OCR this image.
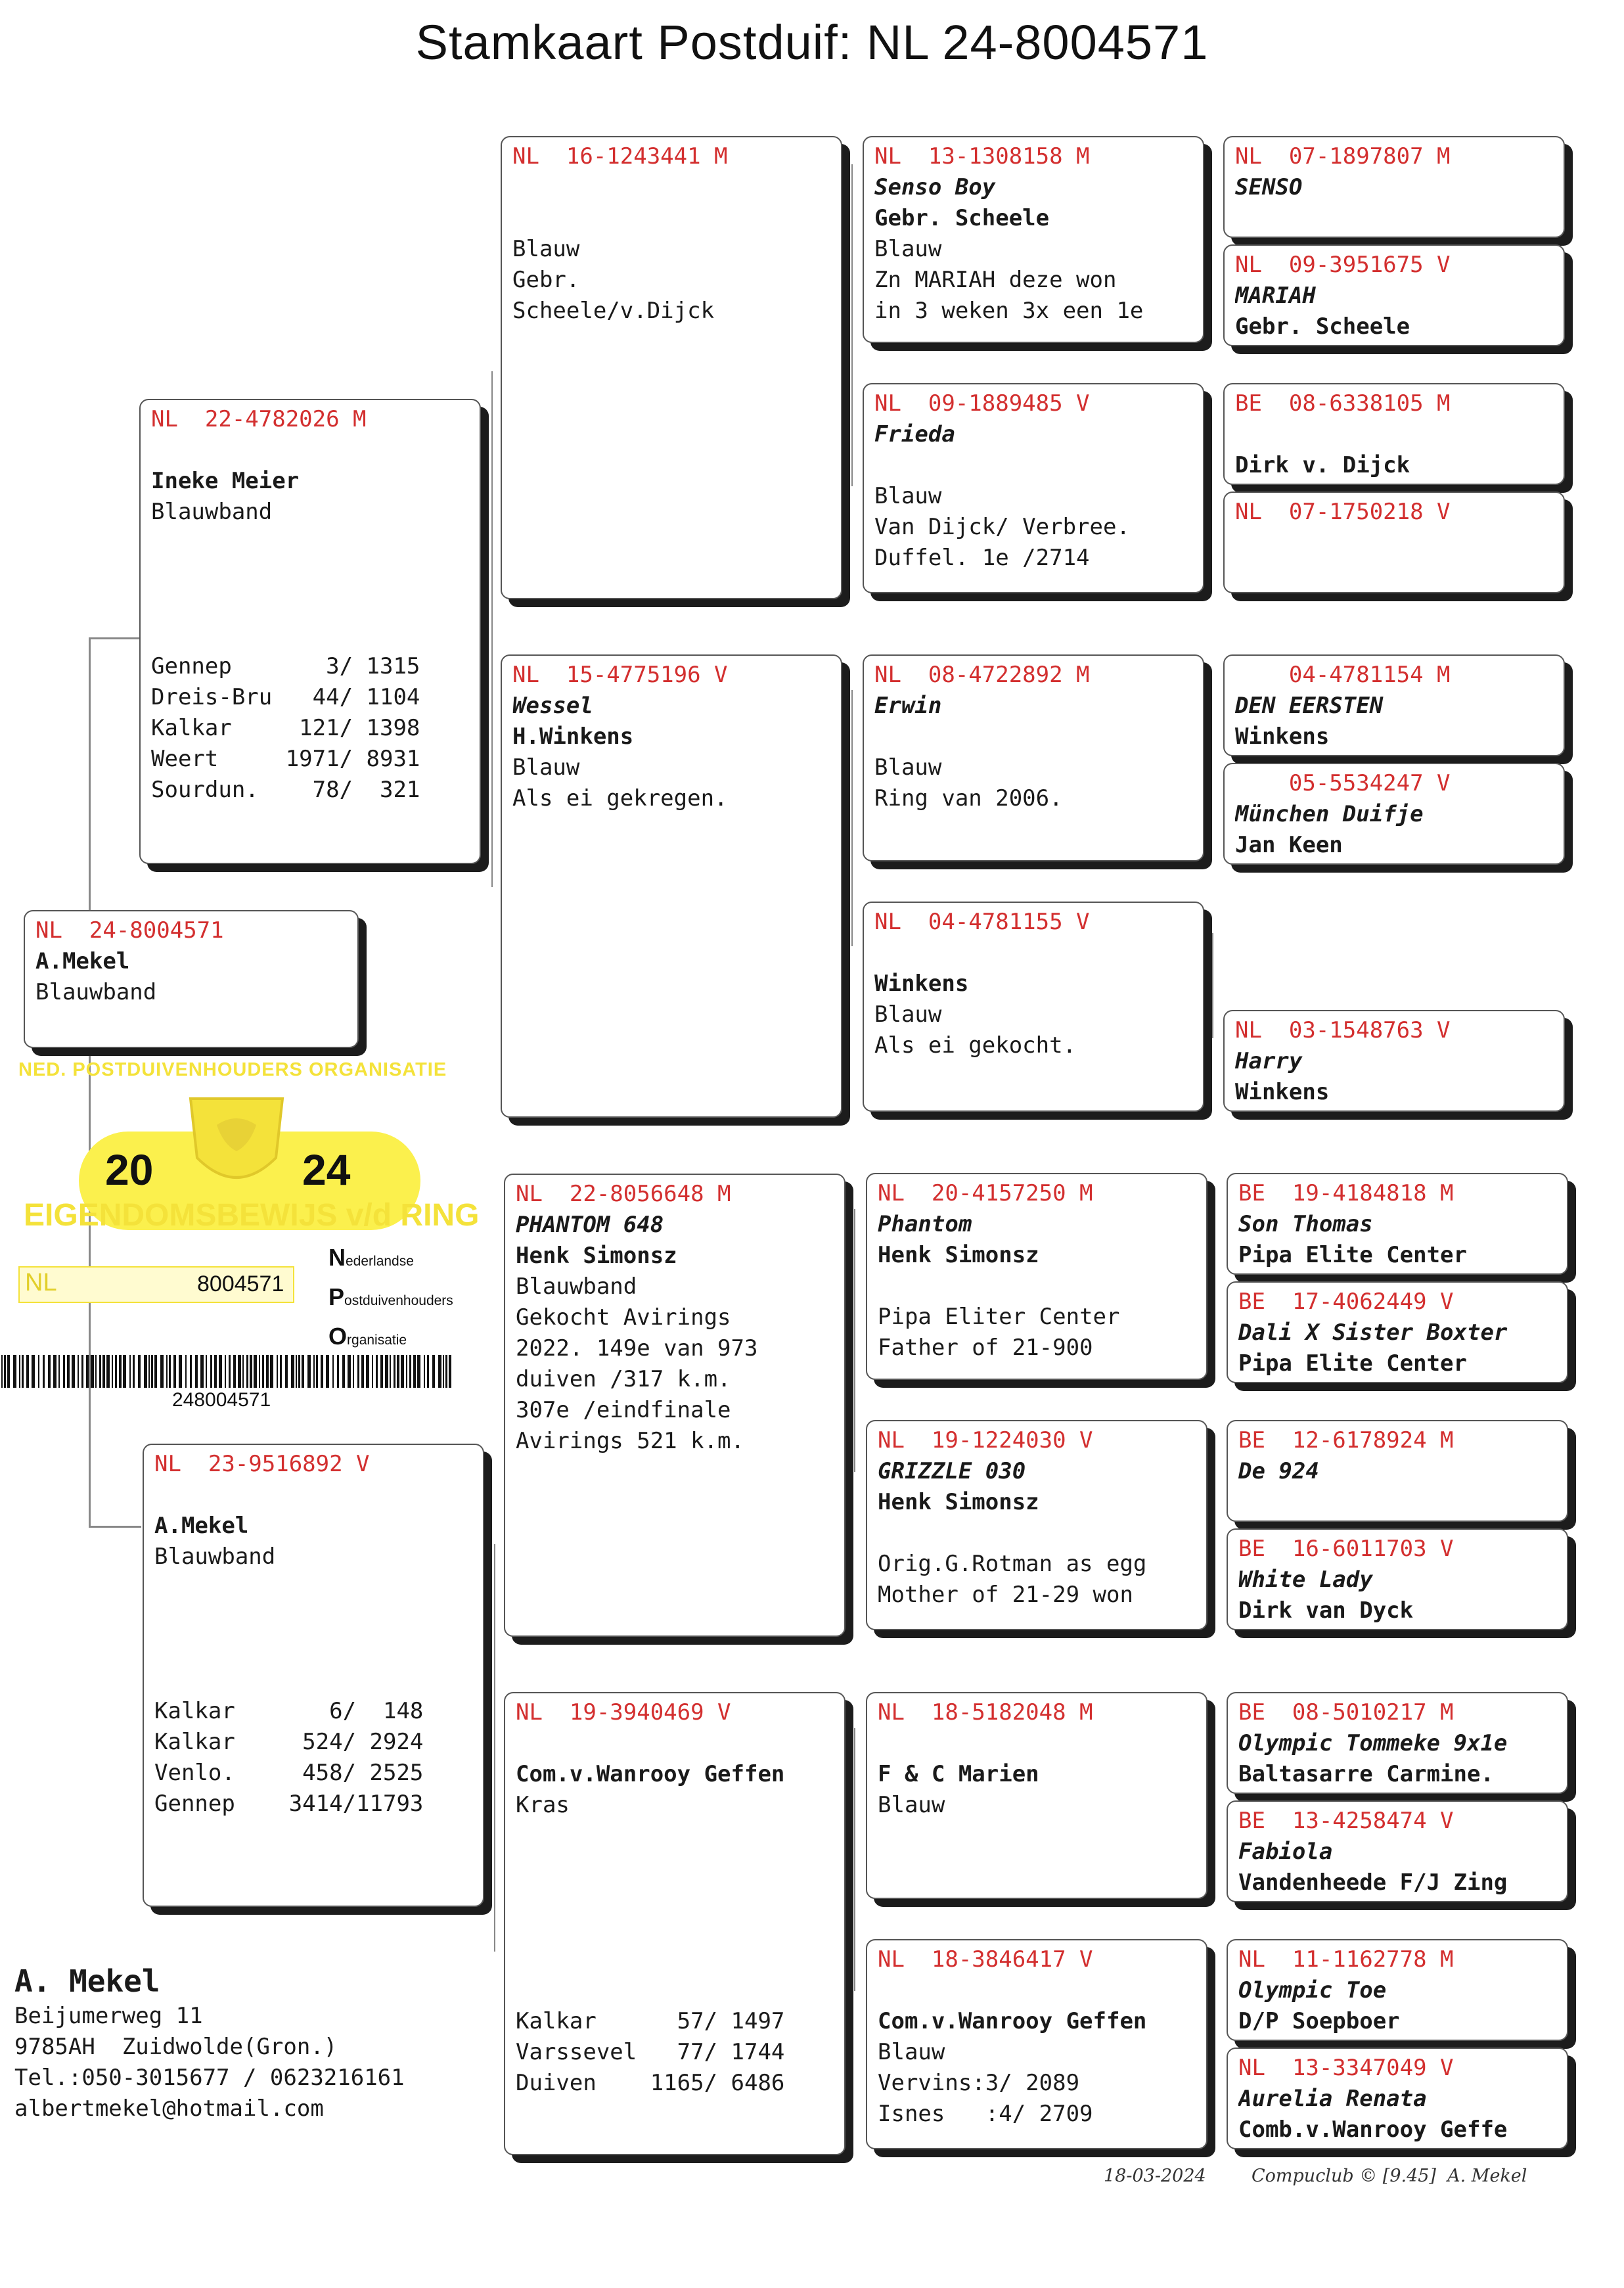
Stamkaart Postduif: NL 24-8004571
NL  24-8004571
A.Mekel
Blauwband
NL  22-4782026 M
Ineke Meier
Blauwband
Gennep       3/ 1315
Dreis-Bru   44/ 1104
Kalkar     121/ 1398
Weert     1971/ 8931
Sourdun.    78/  321
NL  23-9516892 V
A.Mekel
Blauwband
Kalkar       6/  148
Kalkar     524/ 2924
Venlo.     458/ 2525
Gennep    3414/11793
NL  16-1243441 M
Blauw
Gebr.
Scheele/v.Dijck
NL  15-4775196 V
Wessel
H.Winkens
Blauw
Als ei gekregen.
NL  22-8056648 M
PHANTOM 648
Henk Simonsz
Blauwband
Gekocht Avirings
2022. 149e van 973
duiven /317 k.m.
307e /eindfinale
Avirings 521 k.m.
NL  19-3940469 V
Com.v.Wanrooy Geffen
Kras
Kalkar      57/ 1497
Varssevel   77/ 1744
Duiven    1165/ 6486
NL  13-1308158 M
Senso Boy
Gebr. Scheele
Blauw
Zn MARIAH deze won
in 3 weken 3x een 1e
NL  09-1889485 V
Frieda
Blauw
Van Dijck/ Verbree.
Duffel. 1e /2714
NL  08-4722892 M
Erwin
Blauw
Ring van 2006.
NL  04-4781155 V
Winkens
Blauw
Als ei gekocht.
NL  20-4157250 M
Phantom
Henk Simonsz
Pipa Eliter Center
Father of 21-900
NL  19-1224030 V
GRIZZLE 030
Henk Simonsz
Orig.G.Rotman as egg
Mother of 21-29 won
NL  18-5182048 M
F & C Marien
Blauw
NL  18-3846417 V
Com.v.Wanrooy Geffen
Blauw
Vervins:3/ 2089
Isnes   :4/ 2709
NL  07-1897807 M
SENSO
NL  09-3951675 V
MARIAH
Gebr. Scheele
BE  08-6338105 M
Dirk v. Dijck
NL  07-1750218 V
04-4781154 M
DEN EERSTEN
Winkens
05-5534247 V
München Duifje
Jan Keen
NL  03-1548763 V
Harry
Winkens
BE  19-4184818 M
Son Thomas
Pipa Elite Center
BE  17-4062449 V
Dali X Sister Boxter
Pipa Elite Center
BE  12-6178924 M
De 924
BE  16-6011703 V
White Lady
Dirk van Dyck
BE  08-5010217 M
Olympic Tommeke 9x1e
Baltasarre Carmine.
BE  13-4258474 V
Fabiola
Vandenheede F/J Zing
NL  11-1162778 M
Olympic Toe
D/P Soepboer
NL  13-3347049 V
Aurelia Renata
Comb.v.Wanrooy Geffe
NED. POSTDUIVENHOUDERS ORGANISATIE
20	24
EIGENDOMSBEWIJS v/d RING
NL	8004571
Nederlandse
Postduivenhouders
Organisatie
248004571
A. Mekel
Beijumerweg 11
9785AH  Zuidwolde(Gron.)
Tel.:050-3015677 / 0623216161
albertmekel@hotmail.com
18-03-2024	Compuclub © [9.45]  A. Mekel
